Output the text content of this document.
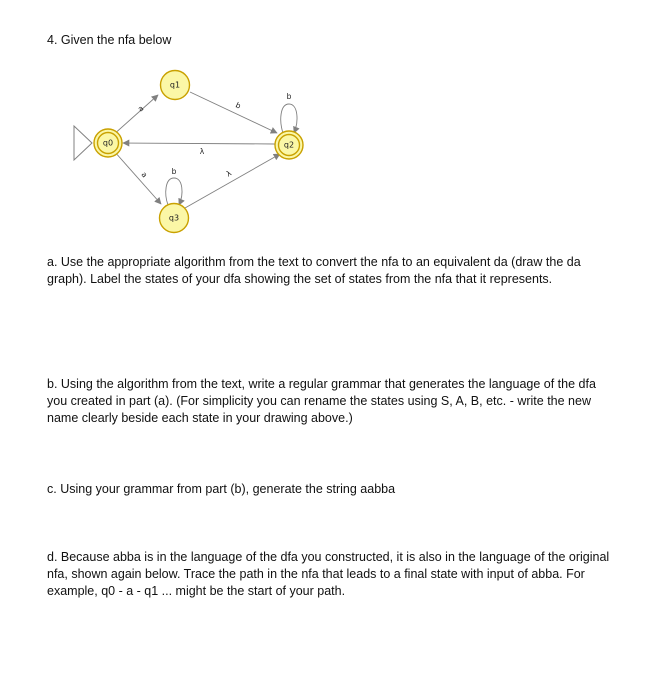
4. Given the nfa below
a	b
b
λ
a	b	λ
q0
q1
q2
q3
a. Use the appropriate algorithm from the text to convert the nfa to an equivalent da (draw the da graph). Label the states of your dfa showing the set of states from the nfa that it represents.
b. Using the algorithm from the text, write a regular grammar that generates the language of the dfa you created in part (a). (For simplicity you can rename the states using S, A, B, etc. - write the new name clearly beside each state in your drawing above.)
c. Using your grammar from part (b), generate the string aabba
d. Because abba is in the language of the dfa you constructed, it is also in the language of the original nfa, shown again below. Trace the path in the nfa that leads to a final state with input of abba. For example, q0 - a - q1 ... might be the start of your path.
